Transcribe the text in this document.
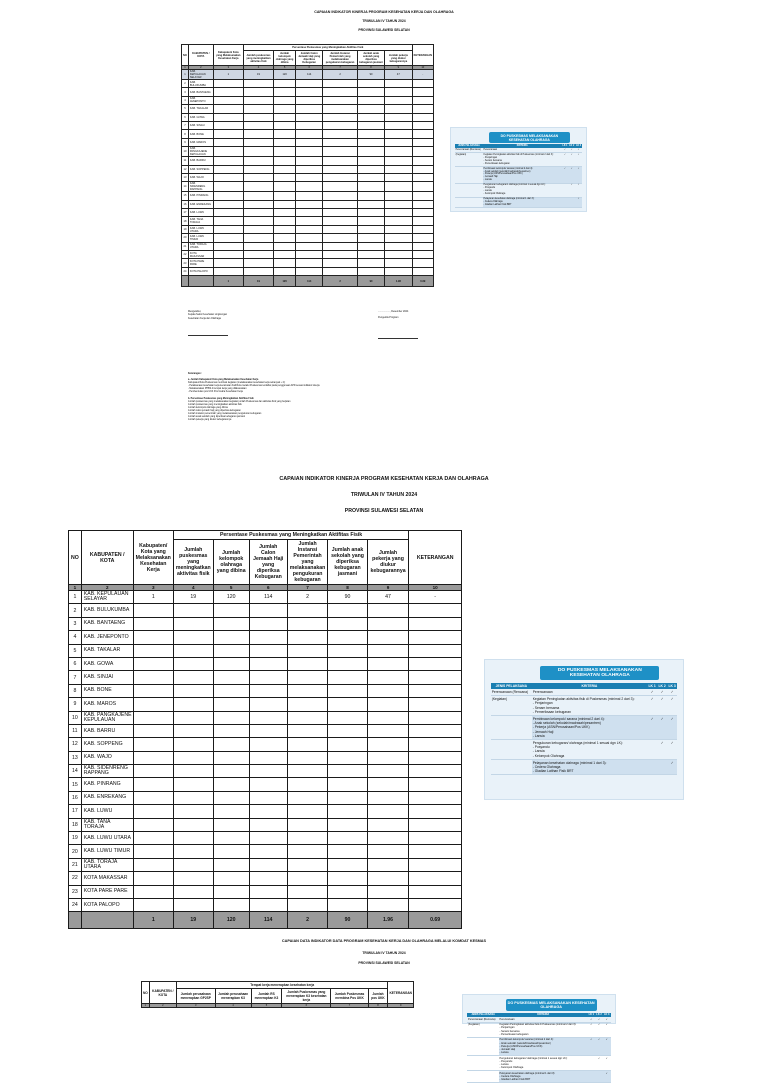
CAPAIAN INDIKATOR KINERJA PROGRAM KESEHATAN KERJA DAN OLAHRAGA
TRIWULAN IV TAHUN 2024
PROVINSI SULAWESI SELATAN
NO	KABUPATEN / KOTA	Kabupaten/ Kota yang Melaksanakan Kesehatan Kerja	Persentase Puskesmas yang Meningkatkan Aktifitas Fisik						KETERANGAN
			Jumlah puskesmas yang meningkatkan aktivitas fisik	Jumlah kelompok olahraga yang dibina	Jumlah Calon Jemaah Haji yang diperiksa Kebugaran	Jumlah Instansi Pemerintah yang melaksanakan pengukuran kebugaran	Jumlah anak sekolah yang diperiksa kebugaran jasmani	Jumlah pekerja yang diukur kebugarannya	
1	2	3	4	5	6	7	8	9	10
1	KAB. KEPULAUAN SELAYAR	1	19	120	114	2	90	47	-
2	KAB. BULUKUMBA								
3	KAB. BANTAENG								
4	KAB. JENEPONTO								
5	KAB. TAKALAR								
6	KAB. GOWA								
7	KAB. SINJAI								
8	KAB. BONE								
9	KAB. MAROS								
10	KAB. PANGKAJENE KEPULAUAN								
11	KAB. BARRU								
12	KAB. SOPPENG								
13	KAB. WAJO								
14	KAB. SIDENRENG RAPPANG								
15	KAB. PINRANG								
16	KAB. ENREKANG								
17	KAB. LUWU								
18	KAB. TANA TORAJA								
19	KAB. LUWU UTARA								
20	KAB. LUWU TIMUR								
21	KAB. TORAJA UTARA								
22	KOTA MAKASSAR								
23	KOTA PARE PARE								
24	KOTA PALOPO								
		1	19	120	114	2	90	1.96	0.69
Mengetahui,
Kepala Seksi Kesehatan Lingkungan
Kesehatan Kerja dan Olahraga
.................., Desember 2024
Pengelola Program
Keterangan :
a. Jumlah Kabupaten/ Kota yang Melaksanakan Kesehatan Kerja
Kabupaten/Kota Puskesmas membuat kegiatan (melaksanakan kesehatan kerja sebanyak ≥ 2):
- Pelaksanaan kesehatan kerja kecamatan Kab/Kota melalui Puskesmas terdaftar pada penggunaan APD sesuai indikator kinerja
- Melaksanakan PHBS di tempat kerja yang dilaksanakan
- Pembentukan pos UKK Pos Usaha Kesehatan Kerja
b. Persentase Puskesmas yang Meningkatkan Aktifitas Fisik
Jumlah puskesmas yang melaksanakan kegiatan jumlah Puskesmas dan aktivitas fisik yang berjalan
Jumlah puskesmas yang meningkatkan aktivitas fisik
Jumlah kelompok olahraga yang dibina
Jumlah calon jemaah haji yang diperiksa kebugaran
Jumlah instansi pemerintah yang melaksanakan pengukuran kebugaran
Jumlah anak sekolah yang diperiksa kebugaran jasmani
Jumlah pekerja yang diukur kebugarannya
DO PUSKESMAS MELAKSANAKAN KESEHATAN OLAHRAGA
JENIS PELAKSANA	KRITERIA	LK 1	LK 2	LK 3
Perencanaan (Rencana)	Perencanaan	✓	✓	✓
(Kegiatan)	Kegiatan Peningkatan aktivitas fisik di Puskesmas (minimal 2 dari 3):
- Penjaringan
- Senam bersama
- Pemeriksaan kebugaran	✓	✓	✓

	Pembinaan kelompok/ sarana (minimal 2 dari 4):
- Anak sekolah (sekolah/madrasah/pesantren)
- Pekerja (ASN/Perusahaan/Pos UKK)
- Jemaah Haji
- Lansia	✓	✓	✓

	Pengukuran kebugaran/ olahraga (minimal 1 sesuai dgn LK):
- Posyandu
- Lansia
- Kelompok Olahraga		✓	✓

	Pelayanan kesehatan olahraga (minimal 1 dari 3):
- Cedera Olahraga
- Gladian Latihan Fisik BRT			✓
CAPAIAN INDIKATOR KINERJA PROGRAM KESEHATAN KERJA DAN OLAHRAGA
TRIWULAN IV TAHUN 2024
PROVINSI SULAWESI SELATAN
NO	KABUPATEN / KOTA	Kabupaten/ Kota yang Melaksanakan Kesehatan Kerja	Persentase Puskesmas yang Meningkatkan Aktifitas Fisik						KETERANGAN
			Jumlah puskesmas yang meningkatkan aktivitas fisik	Jumlah kelompok olahraga yang dibina	Jumlah Calon Jemaah Haji yang diperiksa Kebugaran	Jumlah Instansi Pemerintah yang melaksanakan pengukuran kebugaran	Jumlah anak sekolah yang diperiksa kebugaran jasmani	Jumlah pekerja yang diukur kebugarannya	
1	2	3	4	5	6	7	8	9	10
1	KAB. KEPULAUAN SELAYAR	1	19	120	114	2	90	47	-
2	KAB. BULUKUMBA								
3	KAB. BANTAENG								
4	KAB. JENEPONTO								
5	KAB. TAKALAR								
6	KAB. GOWA								
7	KAB. SINJAI								
8	KAB. BONE								
9	KAB. MAROS								
10	KAB. PANGKAJENE KEPULAUAN								
11	KAB. BARRU								
12	KAB. SOPPENG								
13	KAB. WAJO								
14	KAB. SIDENRENG RAPPANG								
15	KAB. PINRANG								
16	KAB. ENREKANG								
17	KAB. LUWU								
18	KAB. TANA TORAJA								
19	KAB. LUWU UTARA								
20	KAB. LUWU TIMUR								
21	KAB. TORAJA UTARA								
22	KOTA MAKASSAR								
23	KOTA PARE PARE								
24	KOTA PALOPO								
		1	19	120	114	2	90	1.96	0.69
DO PUSKESMAS MELAKSANAKAN KESEHATAN OLAHRAGA
JENIS PELAKSANA	KRITERIA	LK 1	LK 2	LK 3
Perencanaan (Rencana)	Perencanaan	✓	✓	✓
(Kegiatan)	Kegiatan Peningkatan aktivitas fisik di Puskesmas (minimal 2 dari 3):
- Penjaringan
- Senam bersama
- Pemeriksaan kebugaran	✓	✓	✓

	Pembinaan kelompok/ sarana (minimal 2 dari 4):
- Anak sekolah (sekolah/madrasah/pesantren)
- Pekerja (ASN/Perusahaan/Pos UKK)
- Jemaah Haji
- Lansia	✓	✓	✓

	Pengukuran kebugaran/ olahraga (minimal 1 sesuai dgn LK):
- Posyandu
- Lansia
- Kelompok Olahraga		✓	✓

	Pelayanan kesehatan olahraga (minimal 1 dari 3):
- Cedera Olahraga
- Gladian Latihan Fisik BRT			✓
CAPAIAN DATA INDIKATOR DATA PROGRAM KESEHATAN KERJA DAN OLAHRAGA MELALUI KOMDAT KESMAS
TRIWULAN IV TAHUN 2024
PROVINSI SULAWESI SELATAN
NO	KABUPATEN / KOTA	Tempat kerja menerapkan kesehatan kerja						KETERANGAN
		Jumlah perusahaan menerapkan GP2SP	Jumlah perusahaan menerapkan K3	Jumlah RS menerapkan K3	Jumlah Puskesmas yang menerapkan K3 kesehatan kerja	Jumlah Puskesmas membina Pos UKK	Jumlah pos UKK	
1	2	3	4	5	6	7	8	9
DO PUSKESMAS MELAKSANAKAN KESEHATAN OLAHRAGA
JENIS PELAKSANA	KRITERIA	LK 1	LK 2	LK 3
Perencanaan (Rencana)	Perencanaan	✓	✓	✓
(Kegiatan)	Kegiatan Peningkatan aktivitas fisik di Puskesmas (minimal 2 dari 3):
- Penjaringan
- Senam bersama
- Pemeriksaan kebugaran	✓	✓	✓

	Pembinaan kelompok/ sarana (minimal 2 dari 4):
- Anak sekolah (sekolah/madrasah/pesantren)
- Pekerja (ASN/Perusahaan/Pos UKK)
- Jemaah Haji
- Lansia	✓	✓	✓

	Pengukuran kebugaran/ olahraga (minimal 1 sesuai dgn LK):
- Posyandu
- Lansia
- Kelompok Olahraga		✓	✓

	Pelayanan kesehatan olahraga (minimal 1 dari 3):
- Cedera Olahraga
- Gladian Latihan Fisik BRT			✓
